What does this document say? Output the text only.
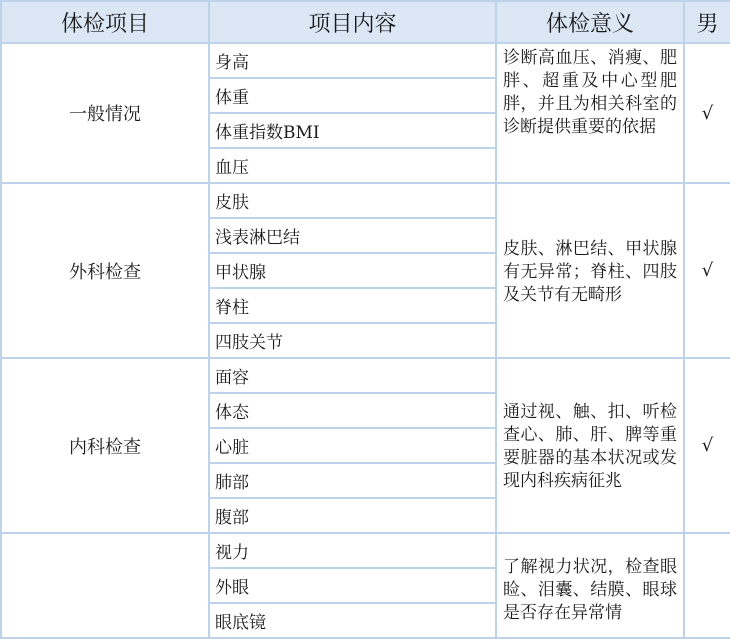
体检项目	项目内容	体检意义	男
一般情况	身高	诊断高血压、消瘦、肥胖、超重及中心型肥胖，并且为相关科室的诊断提供重要的依据	√
	体重		
	体重指数BMI		
	血压		
外科检查	皮肤	皮肤、淋巴结、甲状腺有无异常；脊柱、四肢及关节有无畸形	√
	浅表淋巴结		
	甲状腺		
	脊柱		
	四肢关节		
内科检查	面容	通过视、触、扣、听检查心、肺、肝、脾等重要脏器的基本状况或发现内科疾病征兆	√
	体态		
	心脏		
	肺部		
	腹部		
	视力	了解视力状况，检查眼睑、泪囊、结膜、眼球是否存在异常情	
	外眼		
	眼底镜		
